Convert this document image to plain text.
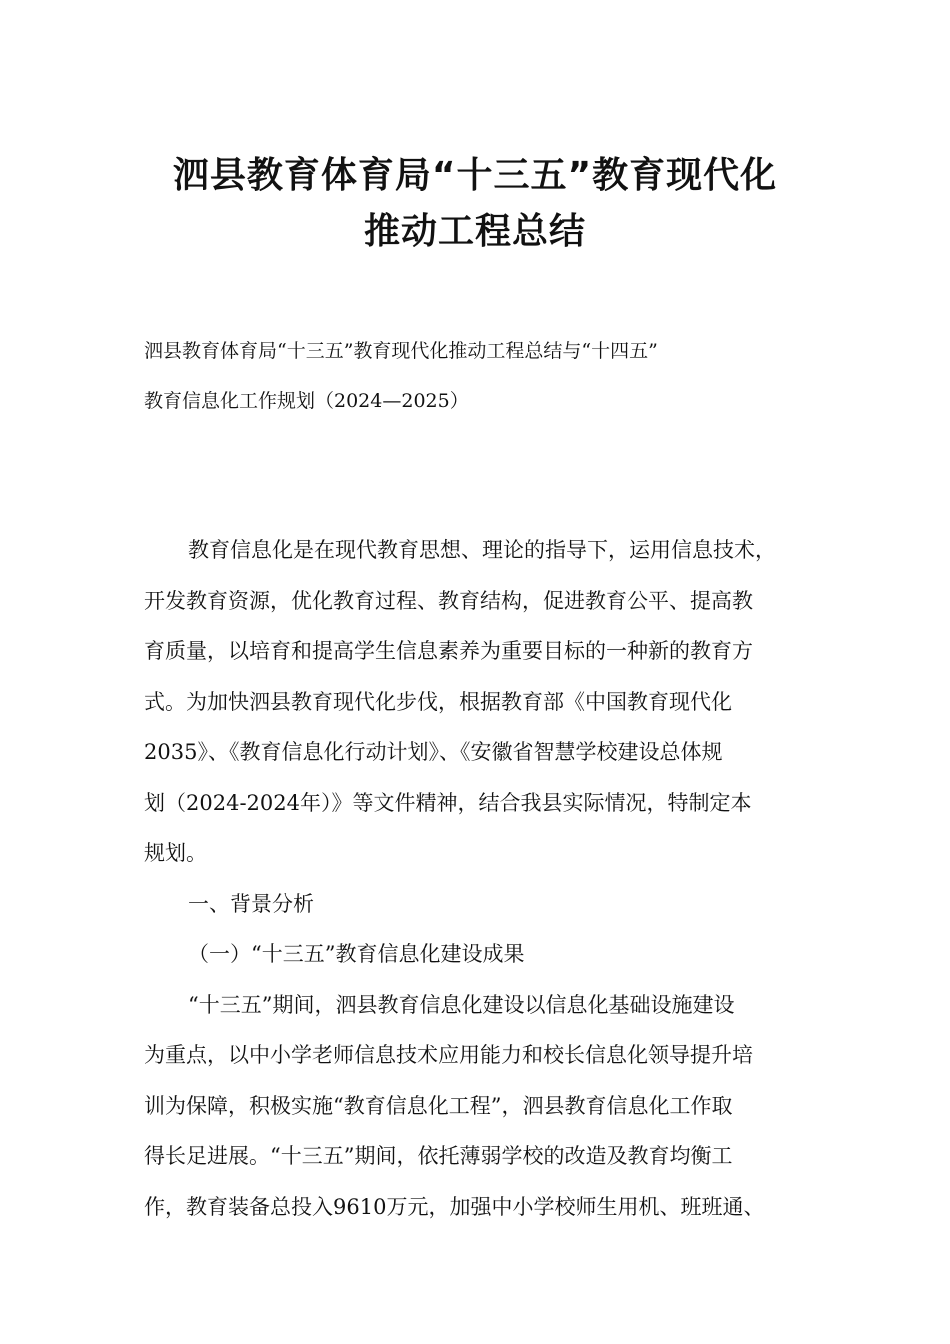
泗县教育体育局“十三五”教育现代化
推动工程总结
泗县教育体育局“十三五”教育现代化推动工程总结与“十四五”
教育信息化工作规划（2024—2025）
教育信息化是在现代教育思想、理论的指导下，运用信息技术，
开发教育资源，优化教育过程、教育结构，促进教育公平、提高教
育质量，以培育和提高学生信息素养为重要目标的一种新的教育方
式。为加快泗县教育现代化步伐，根据教育部《中国教育现代化
2035》、《教育信息化行动计划》、《安徽省智慧学校建设总体规
划（2024-2024年）》等文件精神，结合我县实际情况，特制定本
规划。
一、背景分析
（一）“十三五”教育信息化建设成果
“十三五”期间，泗县教育信息化建设以信息化基础设施建设
为重点，以中小学老师信息技术应用能力和校长信息化领导提升培
训为保障，积极实施“教育信息化工程”，泗县教育信息化工作取
得长足进展。“十三五”期间，依托薄弱学校的改造及教育均衡工
作，教育装备总投入9610万元，加强中小学校师生用机、班班通、
